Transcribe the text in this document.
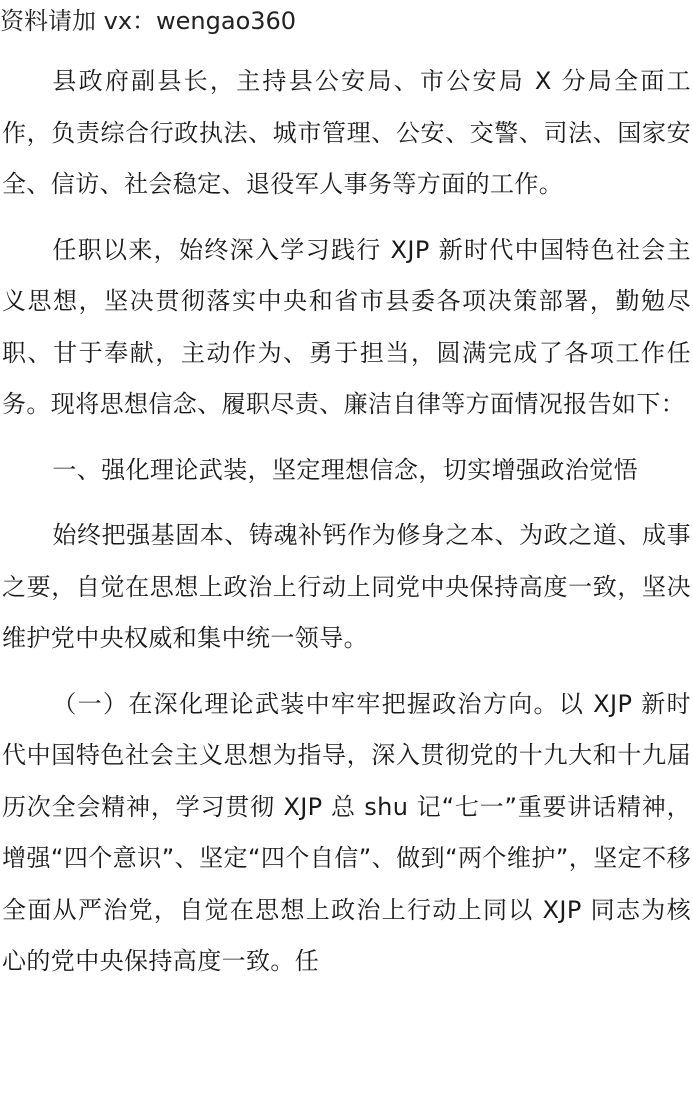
资料请加 vx：wengao360

县政府副县长，主持县公安局、市公安局 X 分局全面工作，负责综合行政执法、城市管理、公安、交警、司法、国家安全、信访、社会稳定、退役军人事务等方面的工作。

任职以来，始终深入学习践行 XJP 新时代中国特色社会主义思想，坚决贯彻落实中央和省市县委各项决策部署，勤勉尽职、甘于奉献，主动作为、勇于担当，圆满完成了各项工作任务。现将思想信念、履职尽责、廉洁自律等方面情况报告如下：

一、强化理论武装，坚定理想信念，切实增强政治觉悟

始终把强基固本、铸魂补钙作为修身之本、为政之道、成事之要，自觉在思想上政治上行动上同党中央保持高度一致，坚决维护党中央权威和集中统一领导。

（一）在深化理论武装中牢牢把握政治方向。以 XJP 新时代中国特色社会主义思想为指导，深入贯彻党的十九大和十九届历次全会精神，学习贯彻 XJP 总 shu 记“七一”重要讲话精神，增强“四个意识”、坚定“四个自信”、做到“两个维护”，坚定不移全面从严治党，自觉在思想上政治上行动上同以 XJP 同志为核心的党中央保持高度一致。任
